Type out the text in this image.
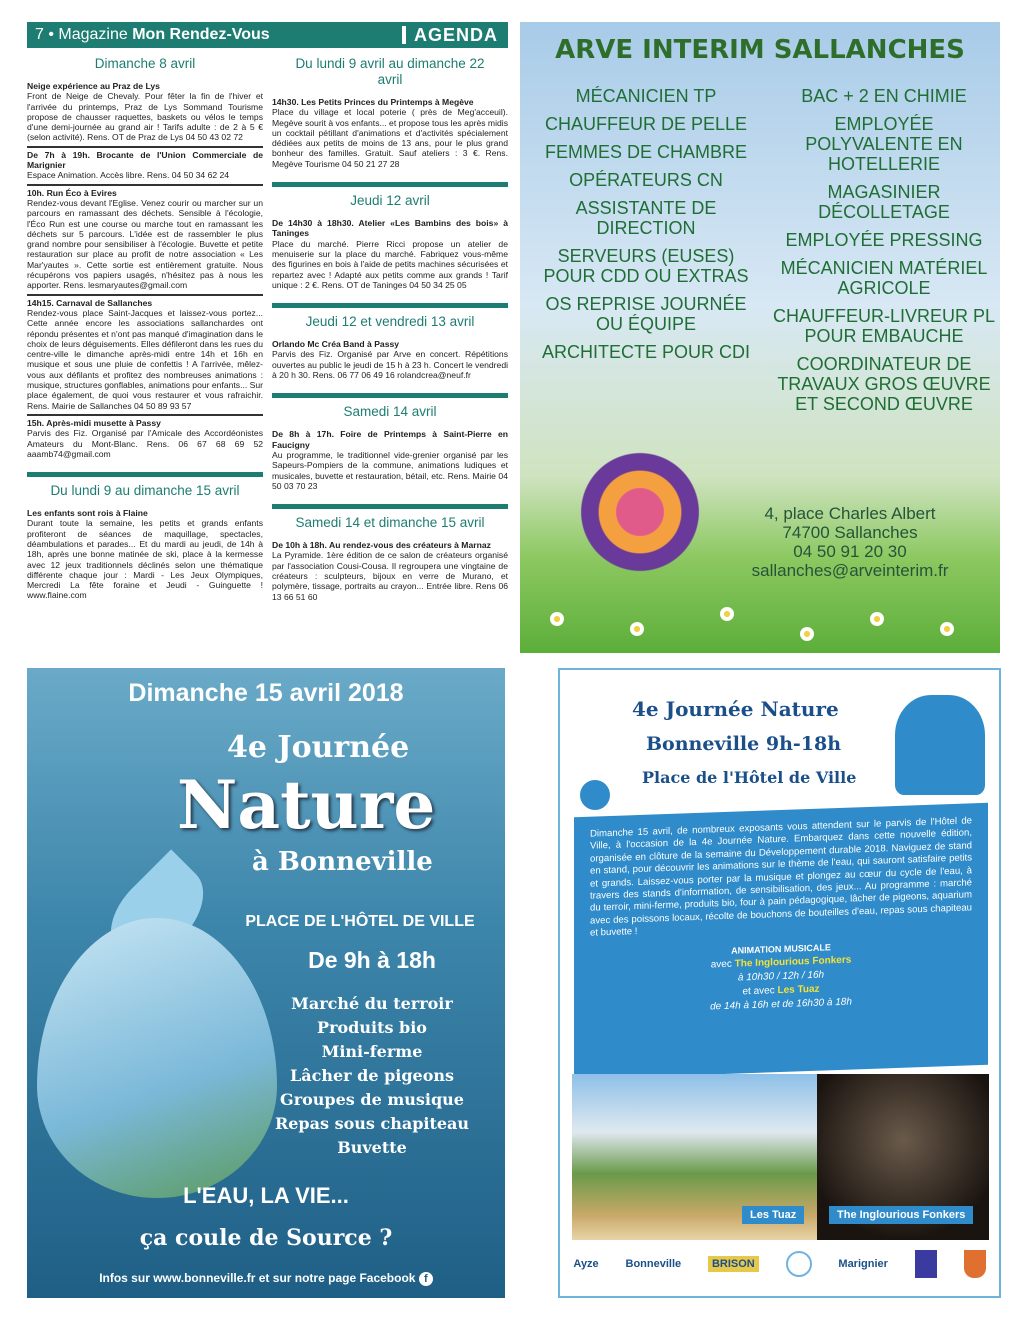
7 • Magazine Mon Rendez-Vous	AGENDA
Dimanche 8 avril
Neige expérience au Praz de Lys
Front de Neige de Chevaly. Pour fêter la fin de l'hiver et l'arrivée du printemps, Praz de Lys Sommand Tourisme propose de chausser raquettes, baskets ou vélos le temps d'une demi-journée au grand air ! Tarifs adulte : de 2 à 5 € (selon activité). Rens. OT de Praz de Lys 04 50 43 02 72
De 7h à 19h. Brocante de l'Union Commerciale de Marignier
Espace Animation. Accès libre. Rens. 04 50 34 62 24
10h. Run Éco à Evires
Rendez-vous devant l'Eglise. Venez courir ou marcher sur un parcours en ramassant des déchets. Sensible à l'écologie, l'Éco Run est une course ou marche tout en ramassant les déchets sur 5 parcours. L'idée est de rassembler le plus grand nombre pour sensibiliser à l'écologie. Buvette et petite restauration sur place au profit de notre association « Les Mar'yautes ». Cette sortie est entièrement gratuite. Nous récupérons vos papiers usagés, n'hésitez pas à nous les apporter. Rens. lesmaryautes@gmail.com
14h15. Carnaval de Sallanches
Rendez-vous place Saint-Jacques et laissez-vous portez... Cette année encore les associations sallanchardes ont répondu présentes et n'ont pas manqué d'imagination dans le choix de leurs déguisements. Elles défileront dans les rues du centre-ville le dimanche après-midi entre 14h et 16h en musique et sous une pluie de confettis ! A l'arrivée, mêlez-vous aux défilants et profitez des nombreuses animations : musique, structures gonflables, animations pour enfants... Sur place également, de quoi vous restaurer et vous rafraichir. Rens. Mairie de Sallanches 04 50 89 93 57
15h. Après-midi musette à Passy
Parvis des Fiz. Organisé par l'Amicale des Accordéonistes Amateurs du Mont-Blanc. Rens. 06 67 68 69 52 aaamb74@gmail.com
Du lundi 9 au dimanche 15 avril
Les enfants sont rois à Flaine
Durant toute la semaine, les petits et grands enfants profiteront de séances de maquillage, spectacles, déambulations et parades... Et du mardi au jeudi, de 14h à 18h, après une bonne matinée de ski, place à la kermesse avec 12 jeux traditionnels déclinés selon une thématique différente chaque jour : Mardi - Les Jeux Olympiques, Mercredi La fête foraine et Jeudi - Guinguette ! www.flaine.com
Du lundi 9 avril au dimanche 22 avril
14h30. Les Petits Princes du Printemps à Megève
Place du village et local poterie ( près de Meg'acceuil). Megève sourit à vos enfants... et propose tous les après midis un cocktail pétillant d'animations et d'activités spécialement dédiées aux petits de moins de 13 ans, pour le plus grand bonheur des familles. Gratuit. Sauf ateliers : 3 €. Rens. Megève Tourisme 04 50 21 27 28
Jeudi 12 avril
De 14h30 à 18h30. Atelier «Les Bambins des bois» à Taninges
Place du marché. Pierre Ricci propose un atelier de menuiserie sur la place du marché. Fabriquez vous-même des figurines en bois à l'aide de petits machines sécurisées et repartez avec ! Adapté aux petits comme aux grands ! Tarif unique : 2 €. Rens. OT de Taninges 04 50 34 25 05
Jeudi 12 et vendredi 13 avril
Orlando Mc Créa Band à Passy
Parvis des Fiz. Organisé par Arve en concert. Répétitions ouvertes au public le jeudi de 15 h à 23 h. Concert le vendredi à 20 h 30. Rens. 06 77 06 49 16 rolandcrea@neuf.fr
Samedi 14 avril
De 8h à 17h. Foire de Printemps à Saint-Pierre en Faucigny
Au programme, le traditionnel vide-grenier organisé par les Sapeurs-Pompiers de la commune, animations ludiques et musicales, buvette et restauration, bétail, etc. Rens. Mairie 04 50 03 70 23
Samedi 14 et dimanche 15 avril
De 10h à 18h. Au rendez-vous des créateurs à Marnaz
La Pyramide. 1ère édition de ce salon de créateurs organisé par l'association Cousi-Cousa. Il regroupera une vingtaine de créateurs : sculpteurs, bijoux en verre de Murano, et polymère, tissage, portraits au crayon... Entrée libre. Rens 06 13 66 51 60
ARVE INTERIM SALLANCHES
MÉCANICIEN TP
CHAUFFEUR DE PELLE
FEMMES DE CHAMBRE
OPÉRATEURS CN
ASSISTANTE DE DIRECTION
SERVEURS (EUSES) POUR CDD OU EXTRAS
OS REPRISE JOURNÉE OU ÉQUIPE
ARCHITECTE POUR CDI
BAC + 2 EN CHIMIE
EMPLOYÉE POLYVALENTE EN HOTELLERIE
MAGASINIER DÉCOLLETAGE
EMPLOYÉE PRESSING
MÉCANICIEN MATÉRIEL AGRICOLE
CHAUFFEUR-LIVREUR PL POUR EMBAUCHE
COORDINATEUR DE TRAVAUX GROS ŒUVRE ET SECOND ŒUVRE
4, place Charles Albert
74700 Sallanches
04 50 91 20 30
sallanches@arveinterim.fr
Dimanche 15 avril 2018
4e Journée
Nature
à Bonneville
PLACE DE L'HÔTEL DE VILLE
De 9h à 18h
Marché du terroir
Produits bio
Mini-ferme
Lâcher de pigeons
Groupes de musique
Repas sous chapiteau
Buvette
L'EAU, LA VIE...
ça coule de Source ?
Infos sur www.bonneville.fr et sur notre page Facebook f
4e Journée Nature
Bonneville 9h-18h
Place de l'Hôtel de Ville
Dimanche 15 avril, de nombreux exposants vous attendent sur le parvis de l'Hôtel de Ville, à l'occasion de la 4e Journée Nature. Embarquez dans cette nouvelle édition, organisée en clôture de la semaine du Développement durable 2018. Naviguez de stand en stand, pour découvrir les animations sur le thème de l'eau, qui sauront satisfaire petits et grands. Laissez-vous porter par la musique et plongez au cœur du cycle de l'eau, à travers des stands d'information, de sensibilisation, des jeux... Au programme : marché du terroir, mini-ferme, produits bio, four à pain pédagogique, lâcher de pigeons, aquarium avec des poissons locaux, récolte de bouchons de bouteilles d'eau, repas sous chapiteau et buvette !
ANIMATION MUSICALE
avec The Inglourious Fonkers
à 10h30 / 12h / 16h
et avec Les Tuaz
de 14h à 16h et de 16h30 à 18h
Les Tuaz	The Inglourious Fonkers
Ayze Bonneville	BRISON	Marignier
